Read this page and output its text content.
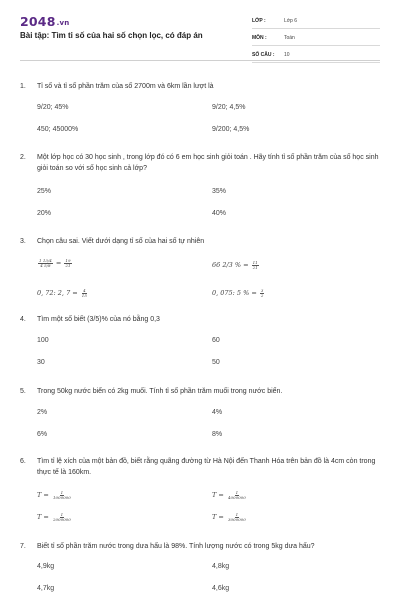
2048.vn
Bài tập: Tìm tỉ số của hai số chọn lọc, có đáp án
LỚP :	Lớp 6
MÔN :	Toán
SỐ CÂU :	10
1.	Tỉ số và tỉ số phần trăm của số 2700m và 6km lần lượt là
9/20; 45%	9/20; 4,5%
450; 45000%	9/200; 4,5%
2.	Một lớp học có 30 học sinh , trong lớp đó có 6 em học sinh giỏi toán . Hãy tính tỉ số phần trăm của số học sinh giỏi toán so với số học sinh cả lớp?
25%	35%
20%	40%
3.	Chọn câu sai. Viết dưới dạng tỉ số của hai số tự nhiên
$\frac{1 13/4}{4 5/8} = \frac{19}{21}$	66 2/3 % = $\frac{11}{21}$
0, 72: 2, $7 = \frac{4}{15}$	0, 075: 5 % = $\frac{3}{2}$
4.	Tìm một số biết (3/5)% của nó bằng 0,3
100	60
30	50
5.	Trong 50kg nước biển có 2kg muối. Tính tỉ số phần trăm muối trong nước biển.
2%	4%
6%	8%
6.	Tìm tỉ lệ xích của một bản đồ, biết rằng quãng đường từ Hà Nội đến Thanh Hóa trên bản đồ là 4cm còn trong thực tế là 160km.
$T = \frac{1}{1000000}$	$T = \frac{1}{4000000}$
$T = \frac{1}{2000000}$	$T = \frac{1}{3000000}$
7.	Biết tỉ số phần trăm nước trong dưa hấu là 98%. Tính lượng nước có trong 5kg dưa hấu?
4,9kg	4,8kg
4,7kg	4,6kg
